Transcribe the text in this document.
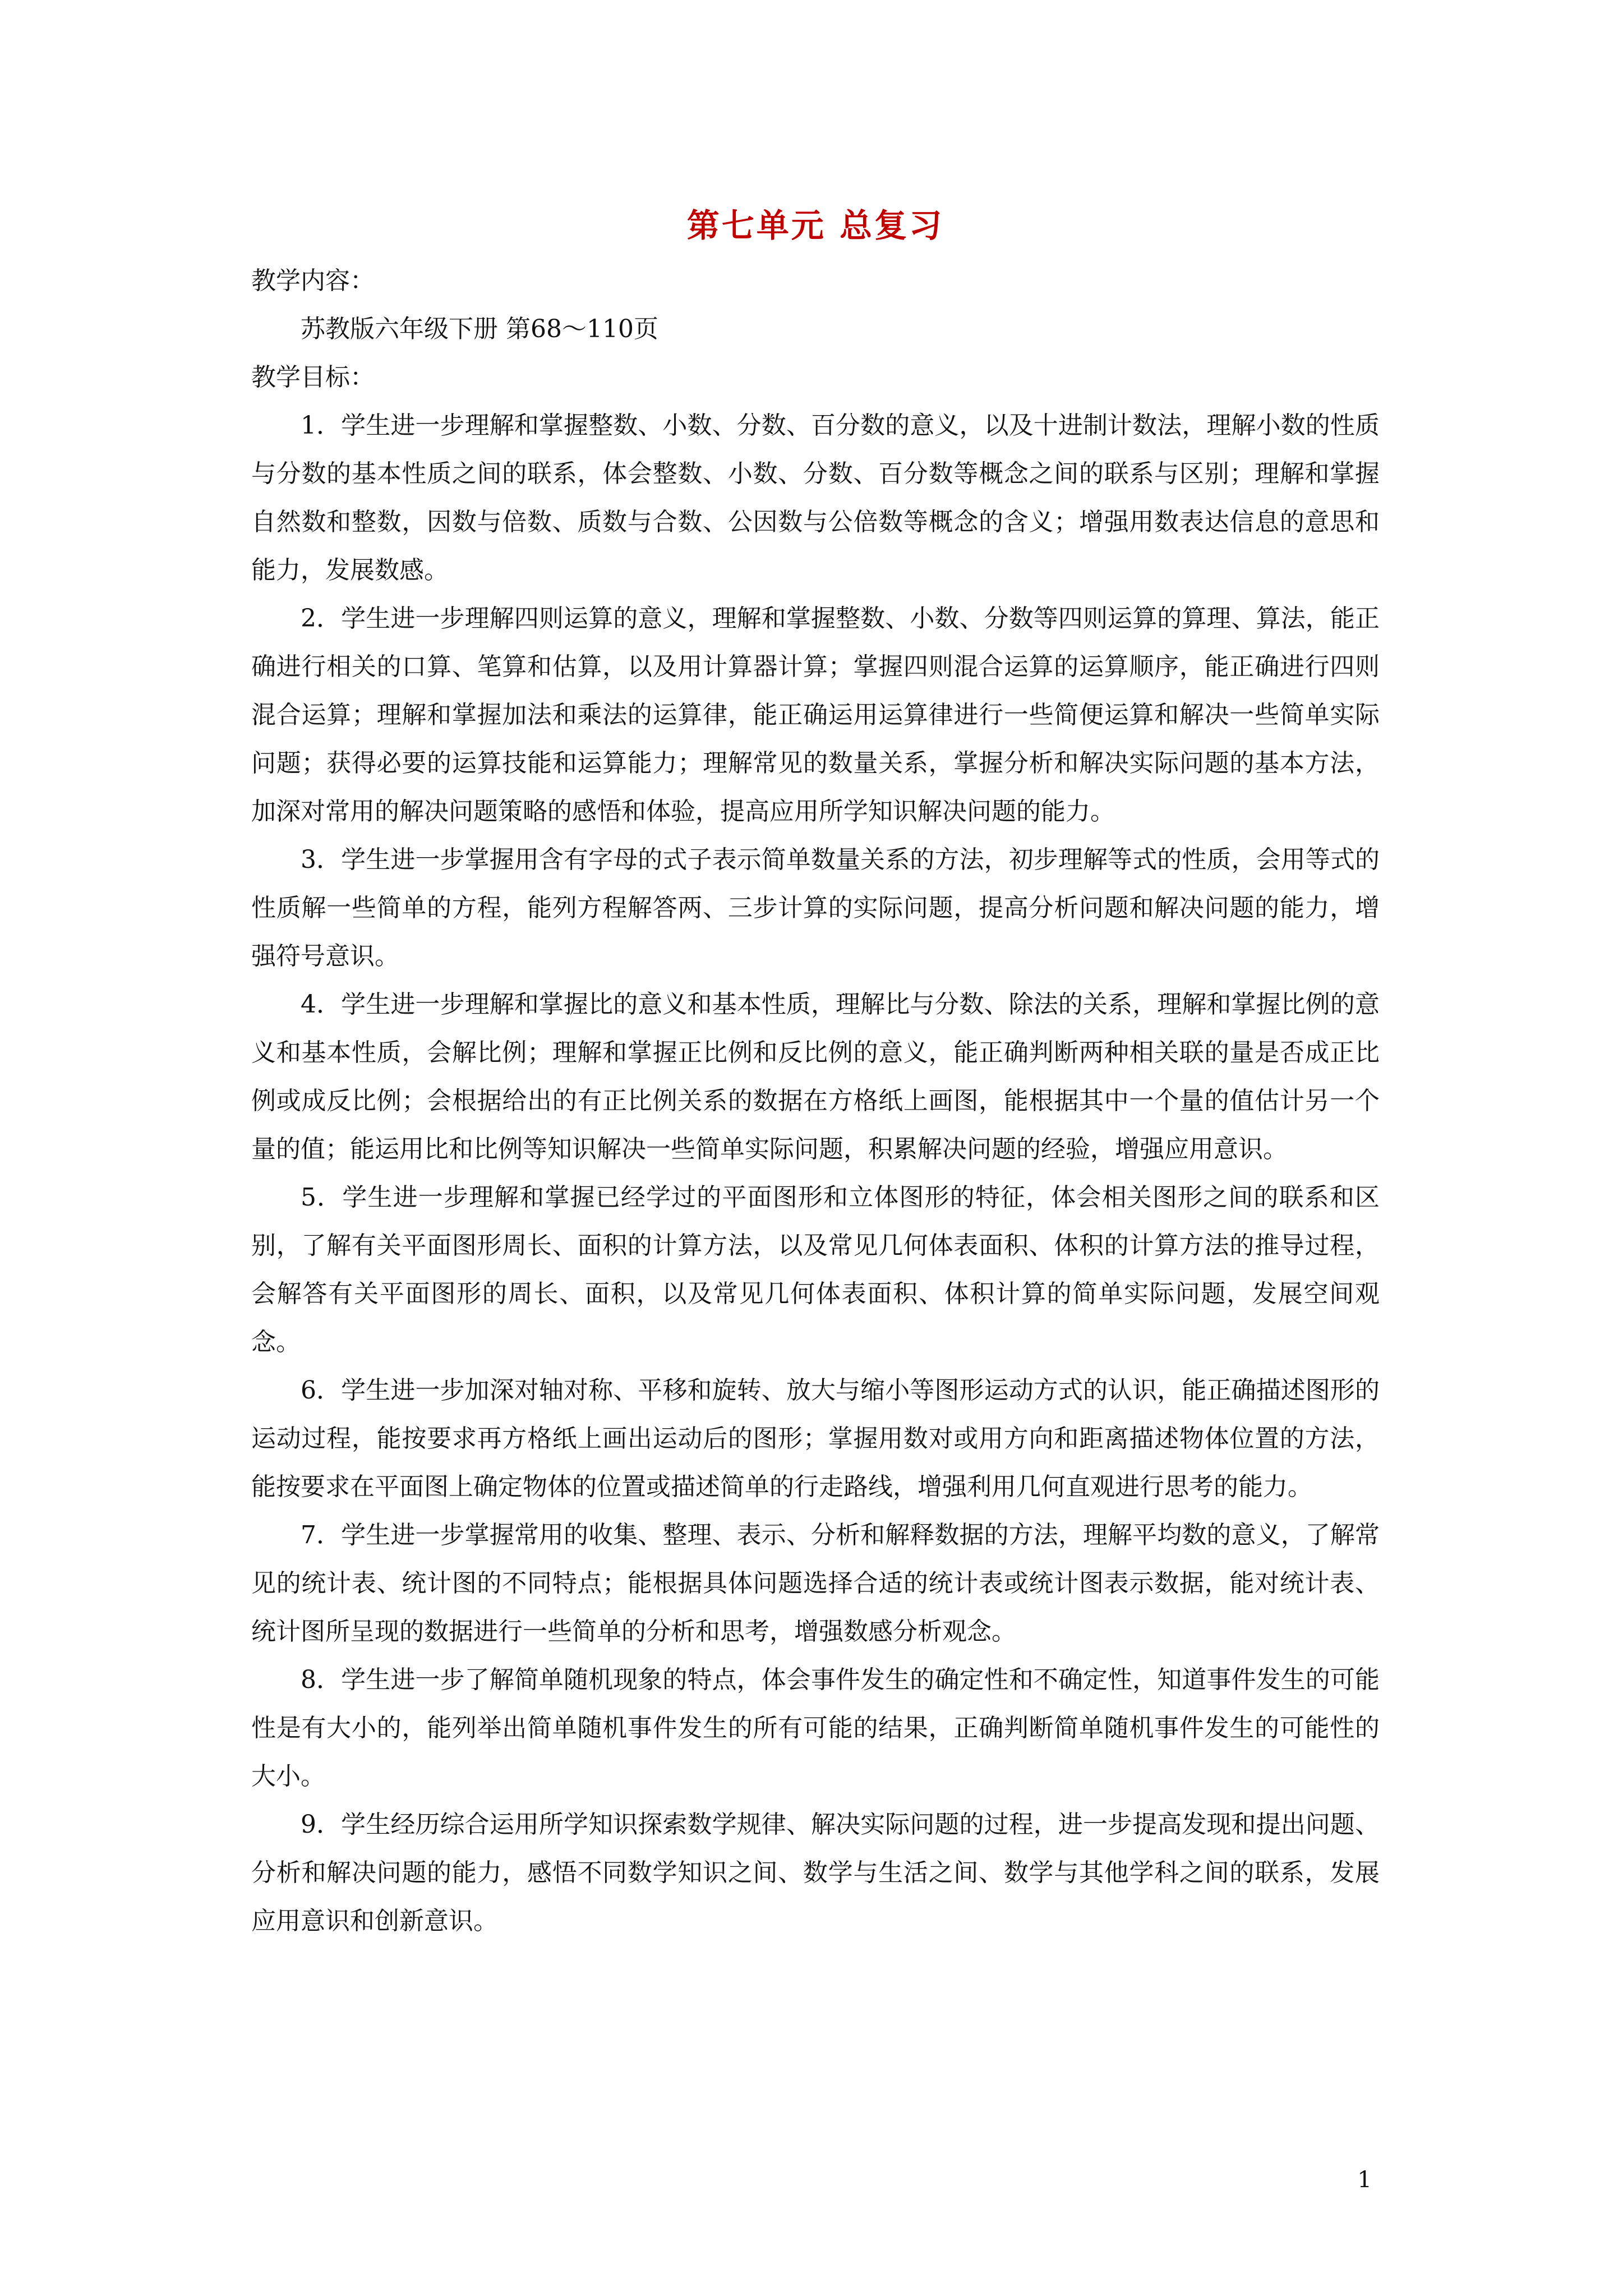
第七单元 总复习

教学内容：

苏教版六年级下册 第68～110页

教学目标：

1．学生进一步理解和掌握整数、小数、分数、百分数的意义，以及十进制计数法，理解小数的性质与分数的基本性质之间的联系，体会整数、小数、分数、百分数等概念之间的联系与区别；理解和掌握自然数和整数，因数与倍数、质数与合数、公因数与公倍数等概念的含义；增强用数表达信息的意思和能力，发展数感。

2．学生进一步理解四则运算的意义，理解和掌握整数、小数、分数等四则运算的算理、算法，能正确进行相关的口算、笔算和估算，以及用计算器计算；掌握四则混合运算的运算顺序，能正确进行四则混合运算；理解和掌握加法和乘法的运算律，能正确运用运算律进行一些简便运算和解决一些简单实际问题；获得必要的运算技能和运算能力；理解常见的数量关系，掌握分析和解决实际问题的基本方法，加深对常用的解决问题策略的感悟和体验，提高应用所学知识解决问题的能力。

3．学生进一步掌握用含有字母的式子表示简单数量关系的方法，初步理解等式的性质，会用等式的性质解一些简单的方程，能列方程解答两、三步计算的实际问题，提高分析问题和解决问题的能力，增强符号意识。

4．学生进一步理解和掌握比的意义和基本性质，理解比与分数、除法的关系，理解和掌握比例的意义和基本性质，会解比例；理解和掌握正比例和反比例的意义，能正确判断两种相关联的量是否成正比例或成反比例；会根据给出的有正比例关系的数据在方格纸上画图，能根据其中一个量的值估计另一个量的值；能运用比和比例等知识解决一些简单实际问题，积累解决问题的经验，增强应用意识。

5．学生进一步理解和掌握已经学过的平面图形和立体图形的特征，体会相关图形之间的联系和区别，了解有关平面图形周长、面积的计算方法，以及常见几何体表面积、体积的计算方法的推导过程，会解答有关平面图形的周长、面积，以及常见几何体表面积、体积计算的简单实际问题，发展空间观念。

6．学生进一步加深对轴对称、平移和旋转、放大与缩小等图形运动方式的认识，能正确描述图形的运动过程，能按要求再方格纸上画出运动后的图形；掌握用数对或用方向和距离描述物体位置的方法，能按要求在平面图上确定物体的位置或描述简单的行走路线，增强利用几何直观进行思考的能力。

7．学生进一步掌握常用的收集、整理、表示、分析和解释数据的方法，理解平均数的意义，了解常见的统计表、统计图的不同特点；能根据具体问题选择合适的统计表或统计图表示数据，能对统计表、统计图所呈现的数据进行一些简单的分析和思考，增强数感分析观念。

8．学生进一步了解简单随机现象的特点，体会事件发生的确定性和不确定性，知道事件发生的可能性是有大小的，能列举出简单随机事件发生的所有可能的结果，正确判断简单随机事件发生的可能性的大小。

9．学生经历综合运用所学知识探索数学规律、解决实际问题的过程，进一步提高发现和提出问题、分析和解决问题的能力，感悟不同数学知识之间、数学与生活之间、数学与其他学科之间的联系，发展应用意识和创新意识。

1
